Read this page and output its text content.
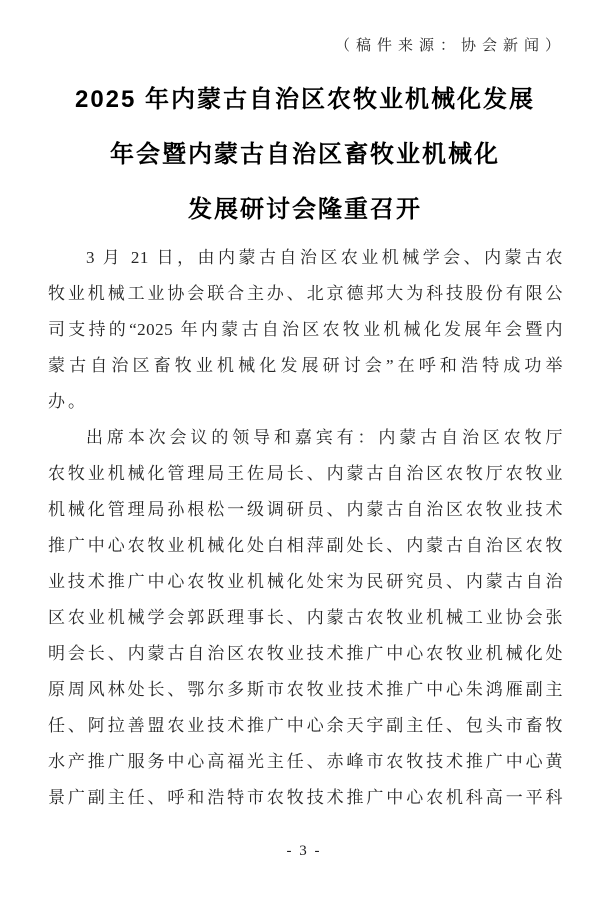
（稿件来源：协会新闻）
2025 年内蒙古自治区农牧业机械化发展
年会暨内蒙古自治区畜牧业机械化
发展研讨会隆重召开
3 月 21 日，由内蒙古自治区农业机械学会、内蒙古农
牧业机械工业协会联合主办、北京德邦大为科技股份有限公
司支持的“2025 年内蒙古自治区农牧业机械化发展年会暨内
蒙古自治区畜牧业机械化发展研讨会”在呼和浩特成功举
办。
出席本次会议的领导和嘉宾有：内蒙古自治区农牧厅
农牧业机械化管理局王佐局长、内蒙古自治区农牧厅农牧业
机械化管理局孙根松一级调研员、内蒙古自治区农牧业技术
推广中心农牧业机械化处白相萍副处长、内蒙古自治区农牧
业技术推广中心农牧业机械化处宋为民研究员、内蒙古自治
区农业机械学会郭跃理事长、内蒙古农牧业机械工业协会张
明会长、内蒙古自治区农牧业技术推广中心农牧业机械化处
原周风林处长、鄂尔多斯市农牧业技术推广中心朱鸿雁副主
任、阿拉善盟农业技术推广中心余天宇副主任、包头市畜牧
水产推广服务中心高福光主任、赤峰市农牧技术推广中心黄
景广副主任、呼和浩特市农牧技术推广中心农机科高一平科
- 3 -
